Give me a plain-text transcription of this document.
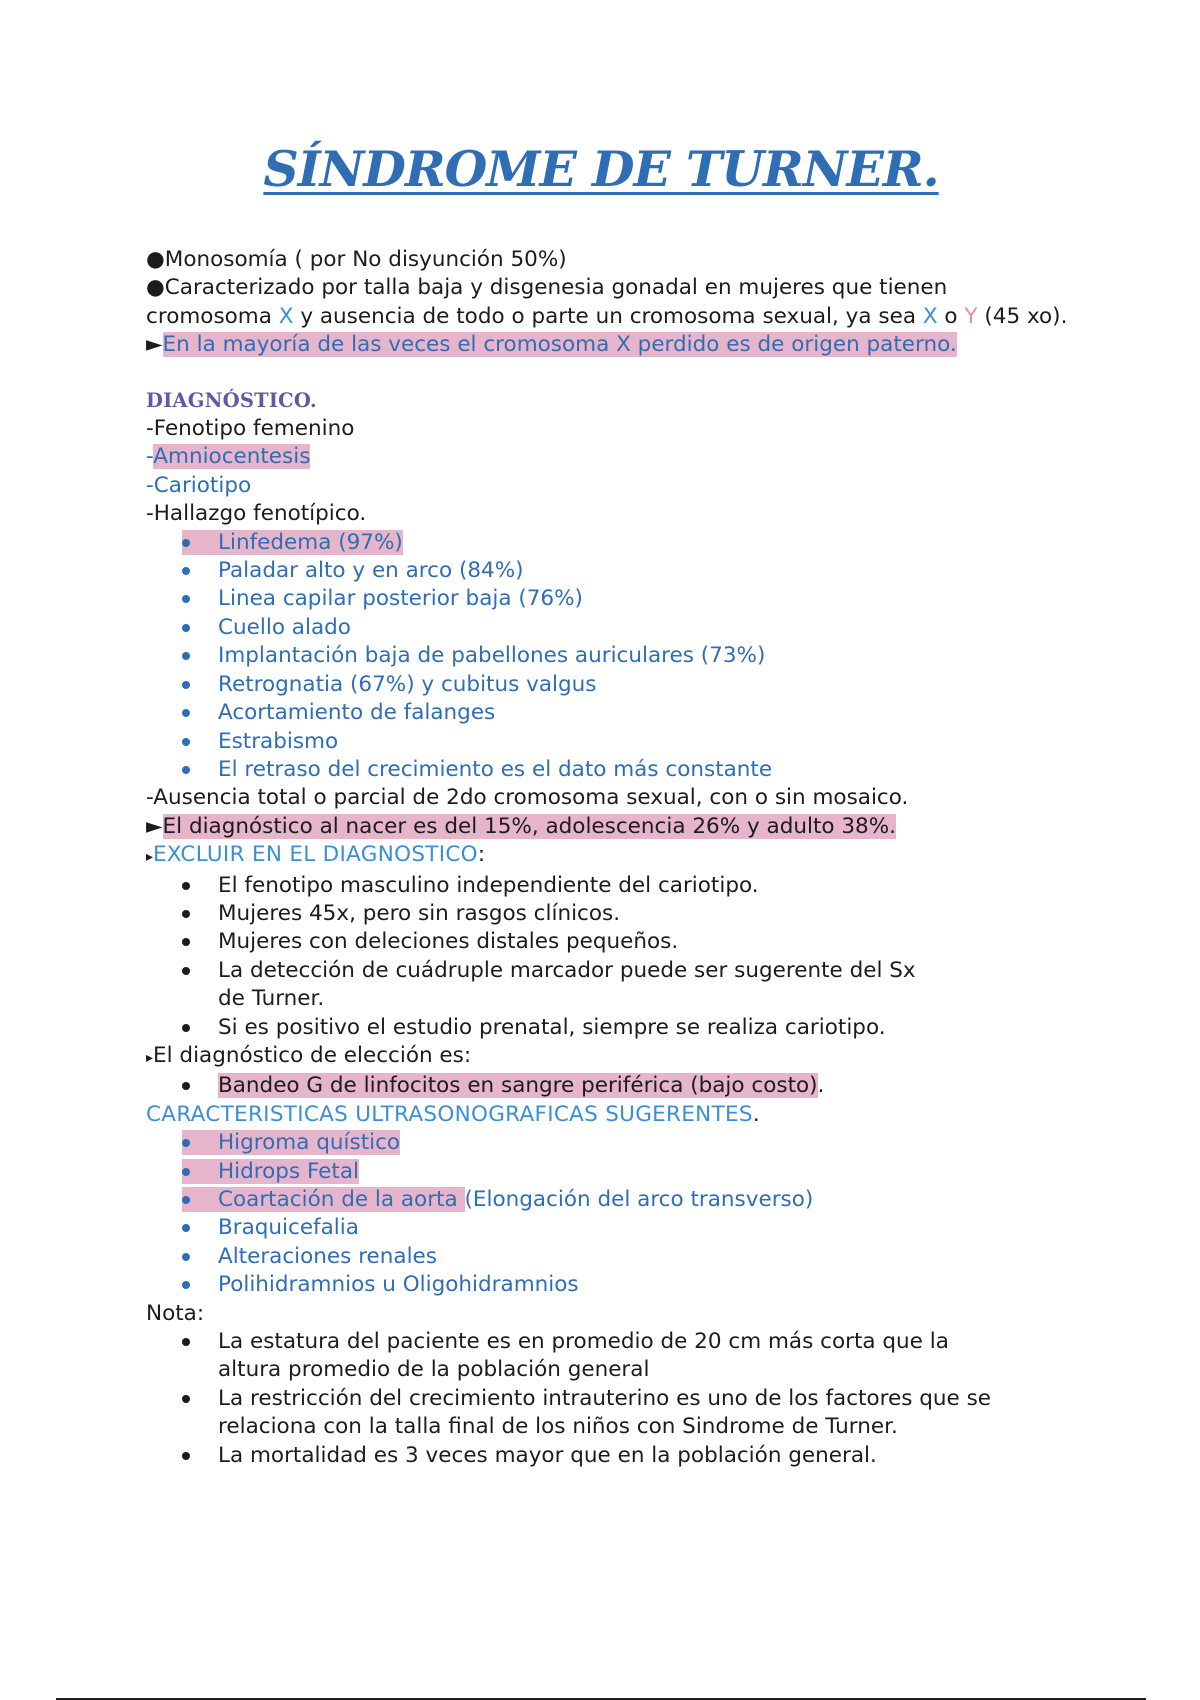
SÍNDROME DE TURNER.

●Monosomía ( por No disyunción 50%)

●Caracterizado por talla baja y disgenesia gonadal en mujeres que tienen cromosoma X y ausencia de todo o parte un cromosoma sexual, ya sea X o Y (45 xo).

►En la mayoría de las veces el cromosoma X perdido es de origen paterno.

DIAGNÓSTICO.

-Fenotipo femenino

-Amniocentesis

-Cariotipo

-Hallazgo fenotípico.

Linfedema (97%)
Paladar alto y en arco (84%)
Linea capilar posterior baja (76%)
Cuello alado
Implantación baja de pabellones auriculares (73%)
Retrognatia (67%) y cubitus valgus
Acortamiento de falanges
Estrabismo
El retraso del crecimiento es el dato más constante

-Ausencia total o parcial de 2do cromosoma sexual, con o sin mosaico.

►El diagnóstico al nacer es del 15%, adolescencia 26% y adulto 38%.

▸EXCLUIR EN EL DIAGNOSTICO:

El fenotipo masculino independiente del cariotipo.
Mujeres 45x, pero sin rasgos clínicos.
Mujeres con deleciones distales pequeños.
La detección de cuádruple marcador puede ser sugerente del Sx de Turner.
Si es positivo el estudio prenatal, siempre se realiza cariotipo.

▸El diagnóstico de elección es:

Bandeo G de linfocitos en sangre periférica (bajo costo).

CARACTERISTICAS ULTRASONOGRAFICAS SUGERENTES.

Higroma quístico
Hidrops Fetal
Coartación de la aorta (Elongación del arco transverso)
Braquicefalia
Alteraciones renales
Polihidramnios u Oligohidramnios

Nota:

La estatura del paciente es en promedio de 20 cm más corta que la altura promedio de la población general
La restricción del crecimiento intrauterino es uno de los factores que se relaciona con la talla final de los niños con Sindrome de Turner.
La mortalidad es 3 veces mayor que en la población general.
